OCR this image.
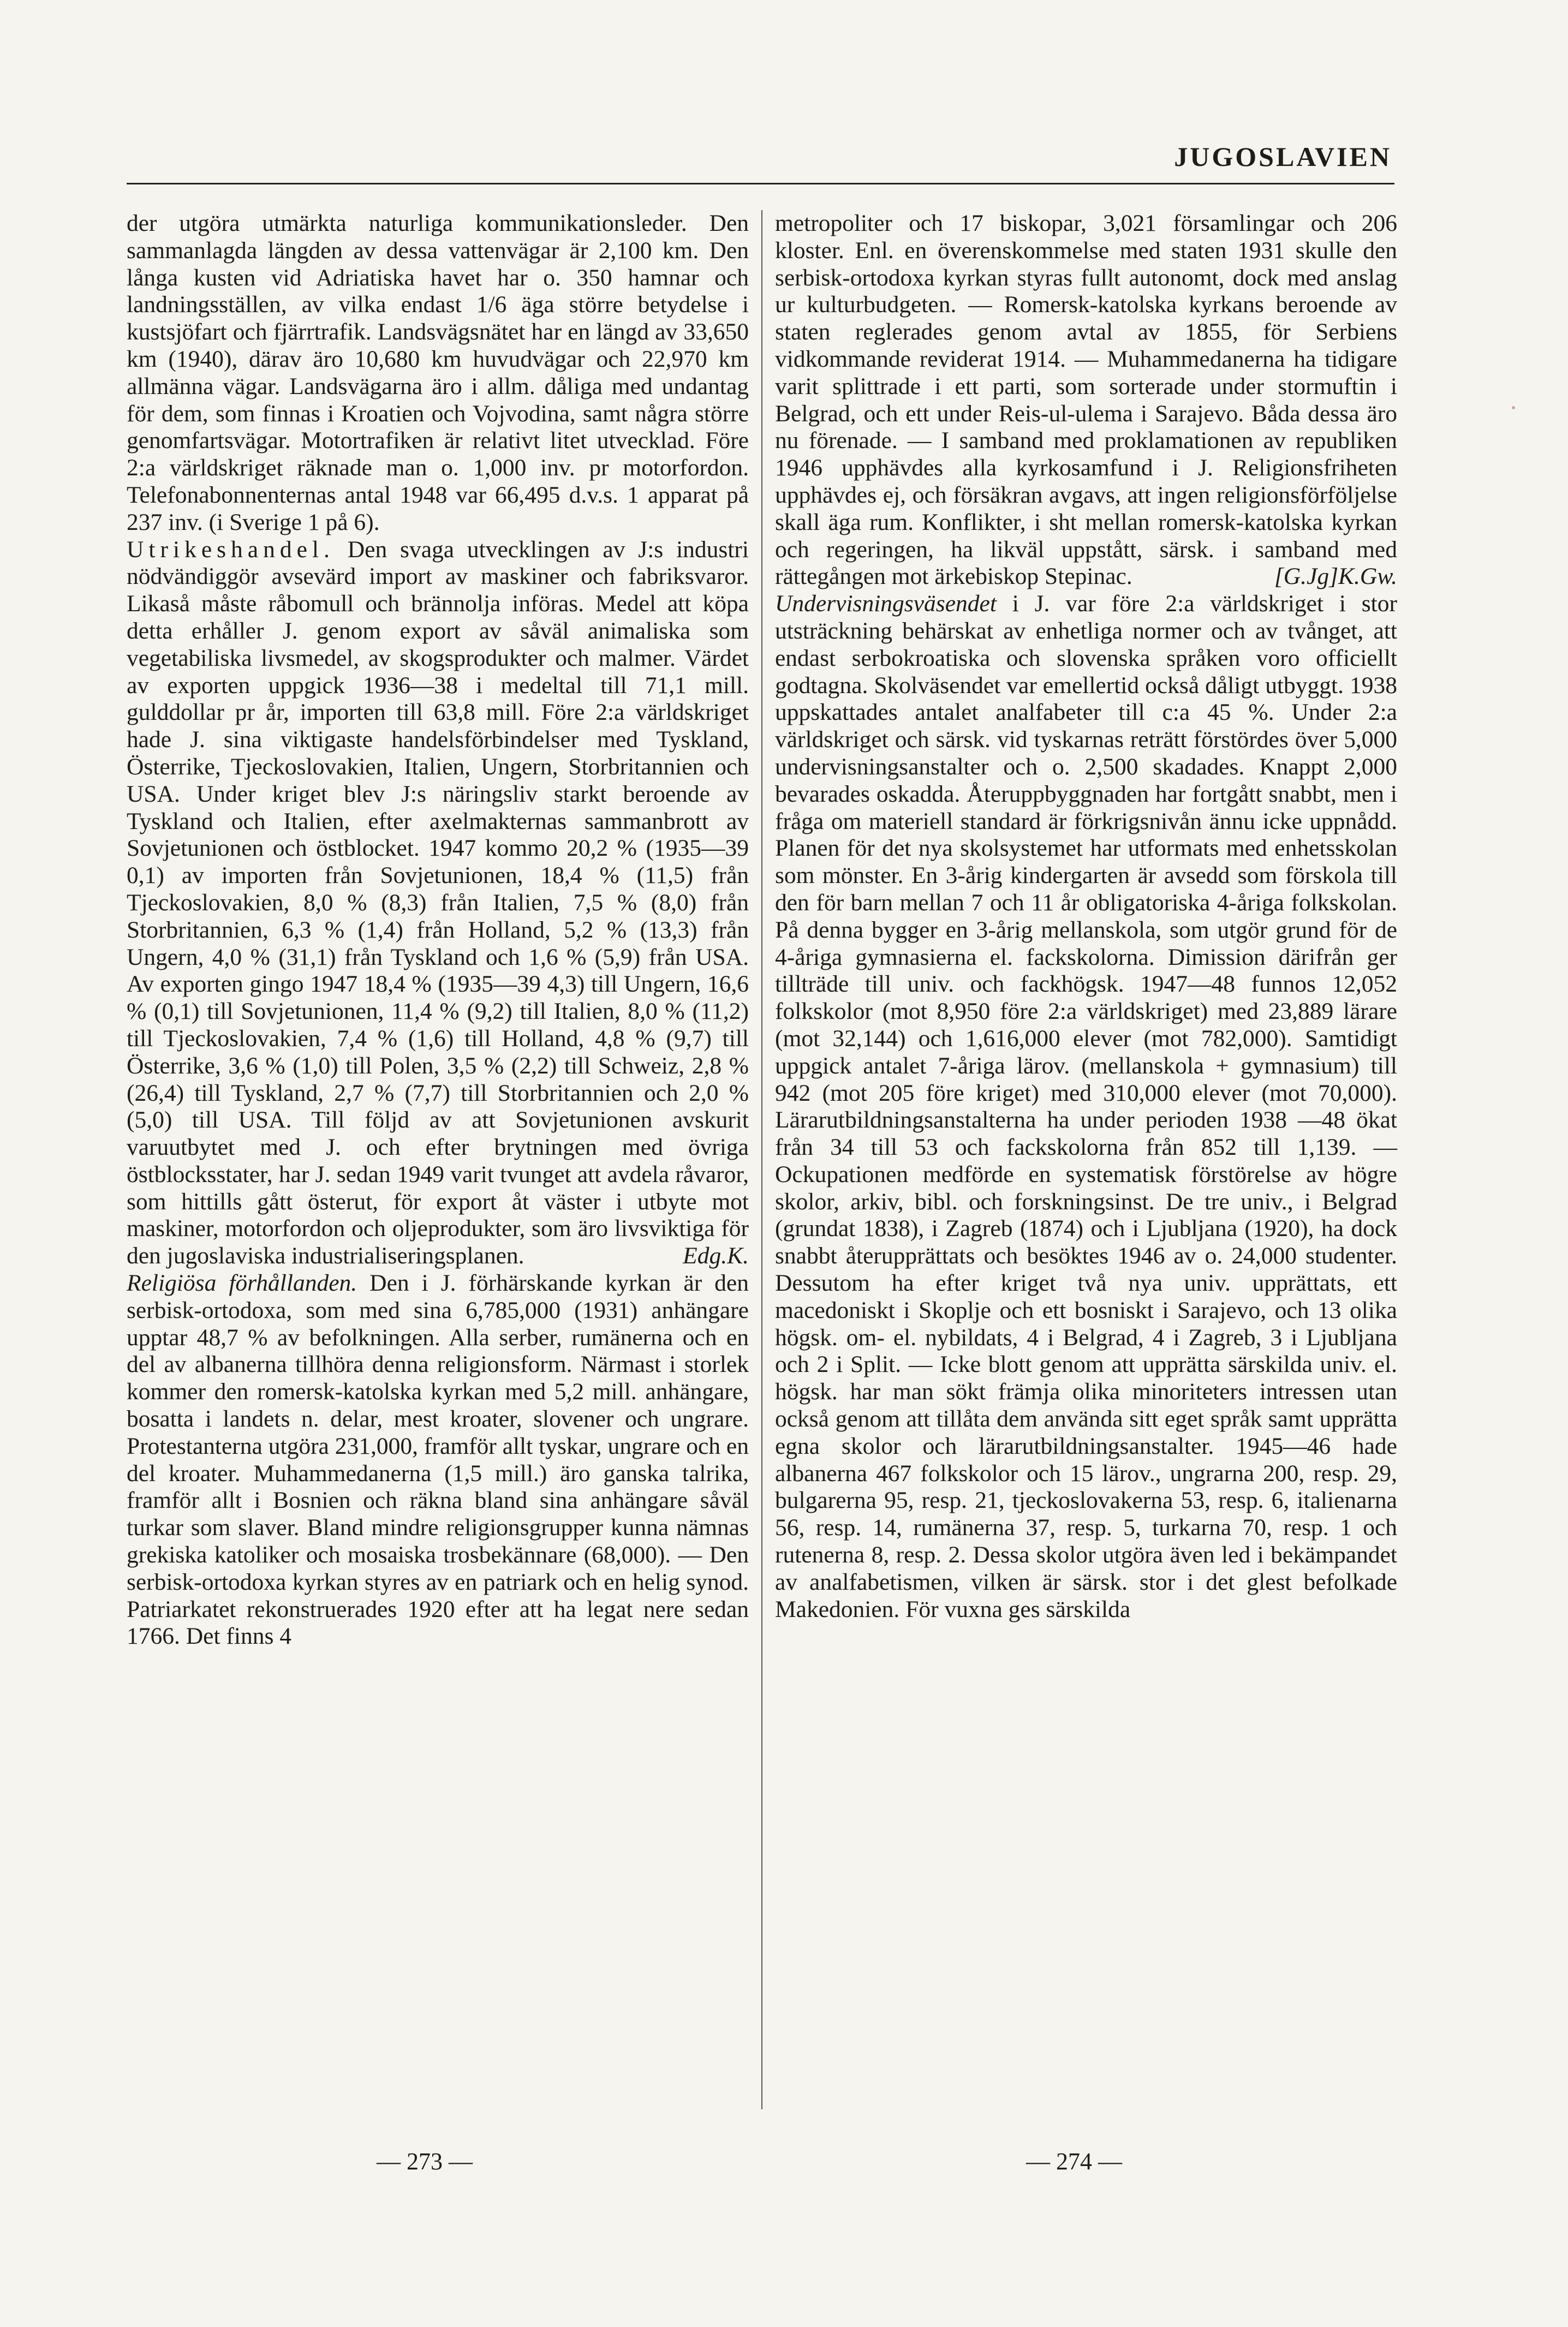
JUGOSLAVIEN

der utgöra utmärkta naturliga kommunikationsleder. Den sammanlagda längden av dessa vattenvägar är 2,100 km. Den långa kusten vid Adriatiska havet har o. 350 hamnar och landningsställen, av vilka endast 1/6 äga större betydelse i kustsjöfart och fjärrtrafik. Landsvägsnätet har en längd av 33,650 km (1940), därav äro 10,680 km huvudvägar och 22,970 km allmänna vägar. Landsvägarna äro i allm. dåliga med undantag för dem, som finnas i Kroatien och Vojvodina, samt några större genomfartsvägar. Motortrafiken är relativt litet utvecklad. Före 2:a världskriget räknade man o. 1,000 inv. pr motorfordon. Telefonabonnenternas antal 1948 var 66,495 d.v.s. 1 apparat på 237 inv. (i Sverige 1 på 6).

Utrikeshandel. Den svaga utvecklingen av J:s industri nödvändiggör avsevärd import av maskiner och fabriksvaror. Likaså måste råbomull och brännolja införas. Medel att köpa detta erhåller J. genom export av såväl animaliska som vegetabiliska livsmedel, av skogsprodukter och malmer. Värdet av exporten uppgick 1936—38 i medeltal till 71,1 mill. gulddollar pr år, importen till 63,8 mill. Före 2:a världskriget hade J. sina viktigaste handelsförbindelser med Tyskland, Österrike, Tjeckoslovakien, Italien, Ungern, Storbritannien och USA. Under kriget blev J:s näringsliv starkt beroende av Tyskland och Italien, efter axelmakternas sammanbrott av Sovjetunionen och östblocket. 1947 kommo 20,2 % (1935—39 0,1) av importen från Sovjetunionen, 18,4 % (11,5) från Tjeckoslovakien, 8,0 % (8,3) från Italien, 7,5 % (8,0) från Storbritannien, 6,3 % (1,4) från Holland, 5,2 % (13,3) från Ungern, 4,0 % (31,1) från Tyskland och 1,6 % (5,9) från USA. Av exporten gingo 1947 18,4 % (1935—39 4,3) till Ungern, 16,6 % (0,1) till Sovjetunionen, 11,4 % (9,2) till Italien, 8,0 % (11,2) till Tjeckoslovakien, 7,4 % (1,6) till Holland, 4,8 % (9,7) till Österrike, 3,6 % (1,0) till Polen, 3,5 % (2,2) till Schweiz, 2,8 % (26,4) till Tyskland, 2,7 % (7,7) till Storbritannien och 2,0 % (5,0) till USA. Till följd av att Sovjetunionen avskurit varuutbytet med J. och efter brytningen med övriga östblocksstater, har J. sedan 1949 varit tvunget att avdela råvaror, som hittills gått österut, för export åt väster i utbyte mot maskiner, motorfordon och oljeprodukter, som äro livsviktiga för den jugoslaviska industrialiseringsplanen.	Edg.K.

Religiösa förhållanden. Den i J. förhärskande kyrkan är den serbisk-ortodoxa, som med sina 6,785,000 (1931) anhängare upptar 48,7 % av befolkningen. Alla serber, rumänerna och en del av albanerna tillhöra denna religionsform. Närmast i storlek kommer den romersk-katolska kyrkan med 5,2 mill. anhängare, bosatta i landets n. delar, mest kroater, slovener och ungrare. Protestanterna utgöra 231,000, framför allt tyskar, ungrare och en del kroater. Muhammedanerna (1,5 mill.) äro ganska talrika, framför allt i Bosnien och räkna bland sina anhängare såväl turkar som slaver. Bland mindre religionsgrupper kunna nämnas grekiska katoliker och mosaiska trosbekännare (68,000). — Den serbisk-ortodoxa kyrkan styres av en patriark och en helig synod. Patriarkatet rekonstruerades 1920 efter att ha legat nere sedan 1766. Det finns 4

metropoliter och 17 biskopar, 3,021 församlingar och 206 kloster. Enl. en överenskommelse med staten 1931 skulle den serbisk-ortodoxa kyrkan styras fullt autonomt, dock med anslag ur kulturbudgeten. — Romersk-katolska kyrkans beroende av staten reglerades genom avtal av 1855, för Serbiens vidkommande reviderat 1914. — Muhammedanerna ha tidigare varit splittrade i ett parti, som sorterade under stormuftin i Belgrad, och ett under Reis-ul-ulema i Sarajevo. Båda dessa äro nu förenade. — I samband med proklamationen av republiken 1946 upphävdes alla kyrkosamfund i J. Religionsfriheten upphävdes ej, och försäkran avgavs, att ingen religionsförföljelse skall äga rum. Konflikter, i sht mellan romersk-katolska kyrkan och regeringen, ha likväl uppstått, särsk. i samband med rättegången mot ärkebiskop Stepinac.	[G.Jg]K.Gw.

Undervisningsväsendet i J. var före 2:a världskriget i stor utsträckning behärskat av enhetliga normer och av tvånget, att endast serbokroatiska och slovenska språken voro officiellt godtagna. Skolväsendet var emellertid också dåligt utbyggt. 1938 uppskattades antalet analfabeter till c:a 45 %. Under 2:a världskriget och särsk. vid tyskarnas reträtt förstördes över 5,000 undervisningsanstalter och o. 2,500 skadades. Knappt 2,000 bevarades oskadda. Återuppbyggnaden har fortgått snabbt, men i fråga om materiell standard är förkrigsnivån ännu icke uppnådd. Planen för det nya skolsystemet har utformats med enhetsskolan som mönster. En 3-årig kindergarten är avsedd som förskola till den för barn mellan 7 och 11 år obligatoriska 4-åriga folkskolan. På denna bygger en 3-årig mellanskola, som utgör grund för de 4-åriga gymnasierna el. fackskolorna. Dimission därifrån ger tillträde till univ. och fackhögsk. 1947—48 funnos 12,052 folkskolor (mot 8,950 före 2:a världskriget) med 23,889 lärare (mot 32,144) och 1,616,000 elever (mot 782,000). Samtidigt uppgick antalet 7-åriga lärov. (mellanskola + gymnasium) till 942 (mot 205 före kriget) med 310,000 elever (mot 70,000). Lärarutbildningsanstalterna ha under perioden 1938 —48 ökat från 34 till 53 och fackskolorna från 852 till 1,139. — Ockupationen medförde en systematisk förstörelse av högre skolor, arkiv, bibl. och forskningsinst. De tre univ., i Belgrad (grundat 1838), i Zagreb (1874) och i Ljubljana (1920), ha dock snabbt återupprättats och besöktes 1946 av o. 24,000 studenter. Dessutom ha efter kriget två nya univ. upprättats, ett macedoniskt i Skoplje och ett bosniskt i Sarajevo, och 13 olika högsk. om- el. nybildats, 4 i Belgrad, 4 i Zagreb, 3 i Ljubljana och 2 i Split. — Icke blott genom att upprätta särskilda univ. el. högsk. har man sökt främja olika minoriteters intressen utan också genom att tillåta dem använda sitt eget språk samt upprätta egna skolor och lärarutbildningsanstalter. 1945—46 hade albanerna 467 folkskolor och 15 lärov., ungrarna 200, resp. 29, bulgarerna 95, resp. 21, tjeckoslovakerna 53, resp. 6, italienarna 56, resp. 14, rumänerna 37, resp. 5, turkarna 70, resp. 1 och rutenerna 8, resp. 2. Dessa skolor utgöra även led i bekämpandet av analfabetismen, vilken är särsk. stor i det glest befolkade Makedonien. För vuxna ges särskilda

— 273 —	— 274 —
